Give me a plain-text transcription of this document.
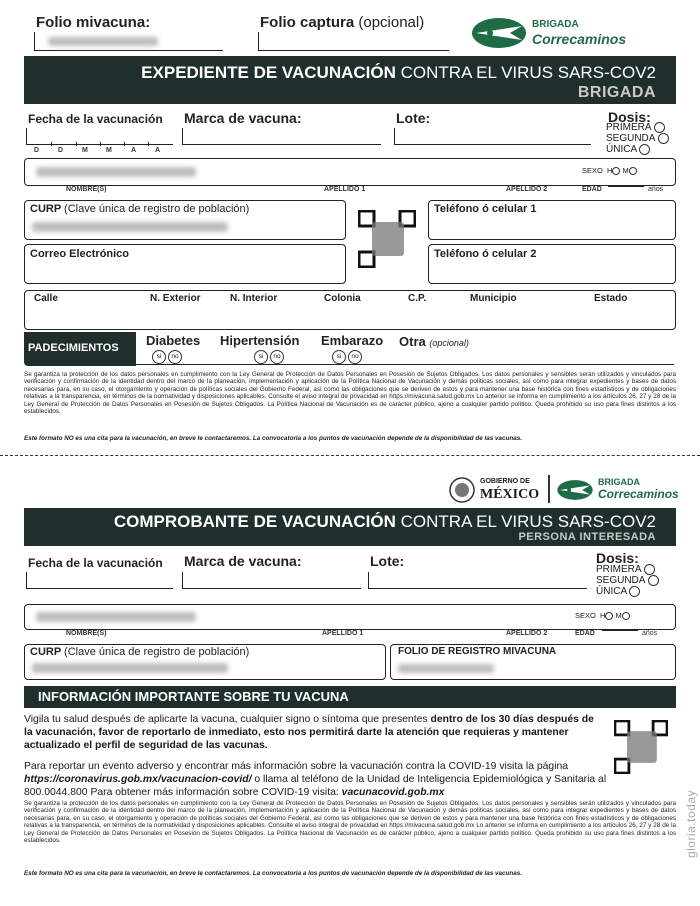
Folio mivacuna:	Folio captura (opcional)	BRIGADA
Correcaminos
EXPEDIENTE DE VACUNACIÓN CONTRA EL VIRUS SARS-COV2
BRIGADA
Fecha de la vacunación
D	D	M	M	A	A
Marca de vacuna:	Lote:	Dosis:
PRIMERA
SEGUNDA
ÚNICA
SEXO H M
NOMBRE(S)	APELLIDO 1	APELLIDO 2	EDAD	años
CURP (Clave única de registro de población)	Teléfono ó celular 1
Correo Electrónico	Teléfono ó celular 2
Calle	N. Exterior	N. Interior	Colonia	C.P.	Municipio	Estado
PADECIMIENTOS Diabetes
si no
Hipertensión
si no
Embarazo
si no
Otra (opcional)
Se garantiza la protección de los datos personales en cumplimiento con la Ley General de Protección de Datos Personales en Posesión de Sujetos Obligados. Los datos personales y sensibles serán utilizados y vinculados para verificación y confirmación de la identidad dentro del marco de la planeación, implementación y aplicación de la Política Nacional de Vacunación y demás políticas sociales, así como para integrar expedientes y bases de datos necesarias para, en su caso, el otorgamiento y operación de políticas sociales del Gobierno Federal, así como las obligaciones que se deriven de estos y para mantener una base histórica con fines estadísticos y de obligaciones relativas a la transparencia, en términos de la normatividad y disposiciones aplicables. Consulte el aviso integral de privacidad en https://mivacuna.salud.gob.mx Lo anterior se informa en cumplimiento a los artículos 26, 27 y 28 de la Ley General de Protección de Datos Personales en Posesión de Sujetos Obligados. La Política Nacional de Vacunación es de carácter público, ajeno a cualquier partido político. Queda prohibido su uso para fines distintos a los establecidos.
Este formato NO es una cita para la vacunación, en breve le contactaremos. La convocatoria a los puntos de vacunación depende de la disponibilidad de las vacunas.
GOBIERNO DE
MÉXICO
BRIGADA
Correcaminos
COMPROBANTE DE VACUNACIÓN CONTRA EL VIRUS SARS-COV2
PERSONA INTERESADA
Fecha de la vacunación Marca de vacuna:	Lote:	Dosis:
PRIMERA
SEGUNDA
ÚNICA
SEXO H M
NOMBRE(S)	APELLIDO 1	APELLIDO 2	EDAD	años
CURP (Clave única de registro de población)	FOLIO DE REGISTRO MIVACUNA
INFORMACIÓN IMPORTANTE SOBRE TU VACUNA
Vigila tu salud después de aplicarte la vacuna, cualquier signo o síntoma que presentes dentro de los 30 días después de la vacunación, favor de reportarlo de inmediato, esto nos permitirá darte la atención que requieras y mantener actualizado el perfil de seguridad de las vacunas.
Para reportar un evento adverso y encontrar más información sobre la vacunación contra la COVID-19 visita la página https://coronavirus.gob.mx/vacunacion-covid/ o llama al teléfono de la Unidad de Inteligencia Epidemiológica y Sanitaria al 800.0044.800 Para obtener más información sobre COVID-19 visita: vacunacovid.gob.mx
Se garantiza la protección de los datos personales en cumplimiento con la Ley General de Protección de Datos Personales en Posesión de Sujetos Obligados. Los datos personales y sensibles serán utilizados y vinculados para verificación y confirmación de la identidad dentro del marco de la planeación, implementación y aplicación de la Política Nacional de Vacunación y demás políticas sociales, así como para integrar expedientes y bases de datos necesarias para, en su caso, el otorgamiento y operación de políticas sociales del Gobierno Federal, así como las obligaciones que se deriven de estos y para mantener una base histórica con fines estadísticos y de obligaciones relativas a la transparencia, en términos de la normatividad y disposiciones aplicables. Consulte el aviso integral de privacidad en https://mivacuna.salud.gob.mx Lo anterior se informa en cumplimiento a los artículos 26, 27 y 28 de la Ley General de Protección de Datos Personales en Posesión de Sujetos Obligados. La Política Nacional de Vacunación es de carácter público, ajeno a cualquier partido político. Queda prohibido su uso para fines distintos a los establecidos.
Este formato NO es una cita para la vacunación, en breve le contactaremos. La convocatoria a los puntos de vacunación depende de la disponibilidad de las vacunas.
gloria.today
